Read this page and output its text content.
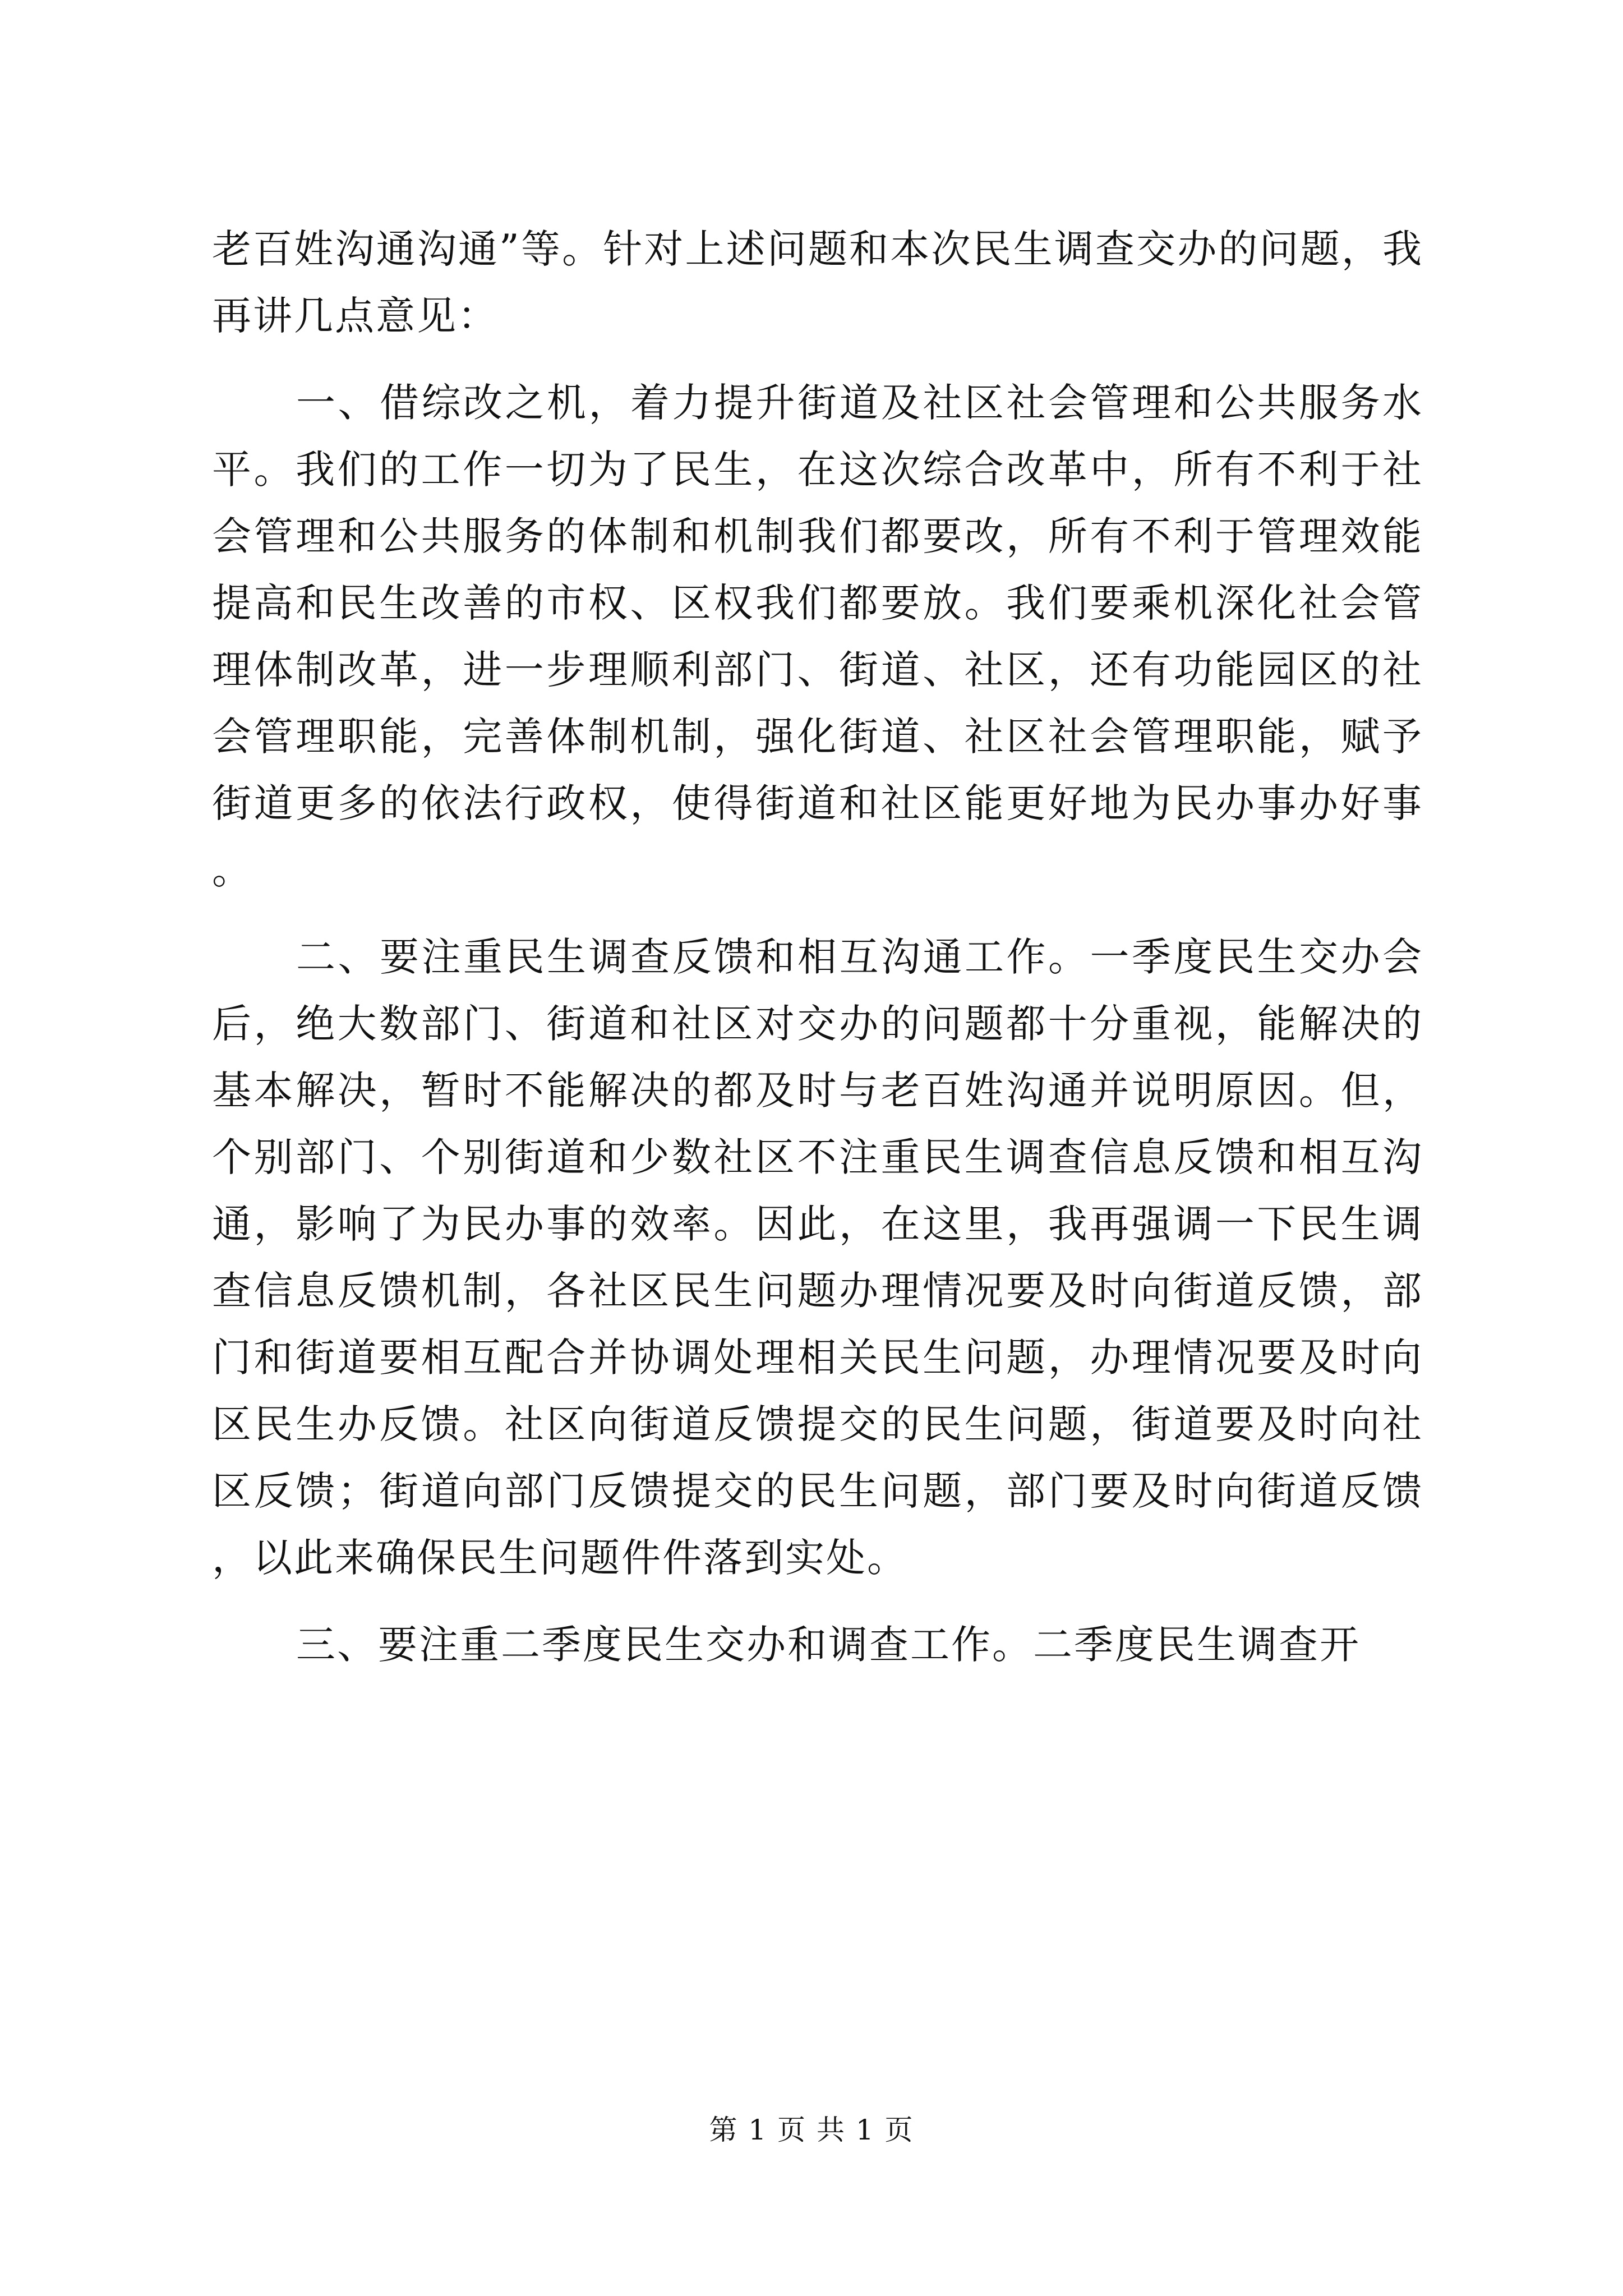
老百姓沟通沟通”等。针对上述问题和本次民生调查交办的问题，我再讲几点意见：

一、借综改之机，着力提升街道及社区社会管理和公共服务水平。我们的工作一切为了民生，在这次综合改革中，所有不利于社会管理和公共服务的体制和机制我们都要改，所有不利于管理效能提高和民生改善的市权、区权我们都要放。我们要乘机深化社会管理体制改革，进一步理顺利部门、街道、社区，还有功能园区的社会管理职能，完善体制机制，强化街道、社区社会管理职能，赋予街道更多的依法行政权，使得街道和社区能更好地为民办事办好事。

二、要注重民生调查反馈和相互沟通工作。一季度民生交办会后，绝大数部门、街道和社区对交办的问题都十分重视，能解决的基本解决，暂时不能解决的都及时与老百姓沟通并说明原因。但，个别部门、个别街道和少数社区不注重民生调查信息反馈和相互沟通，影响了为民办事的效率。因此，在这里，我再强调一下民生调查信息反馈机制，各社区民生问题办理情况要及时向街道反馈，部门和街道要相互配合并协调处理相关民生问题，办理情况要及时向区民生办反馈。社区向街道反馈提交的民生问题，街道要及时向社区反馈；街道向部门反馈提交的民生问题，部门要及时向街道反馈，以此来确保民生问题件件落到实处。

三、要注重二季度民生交办和调查工作。二季度民生调查开

第 1 页 共 1 页
